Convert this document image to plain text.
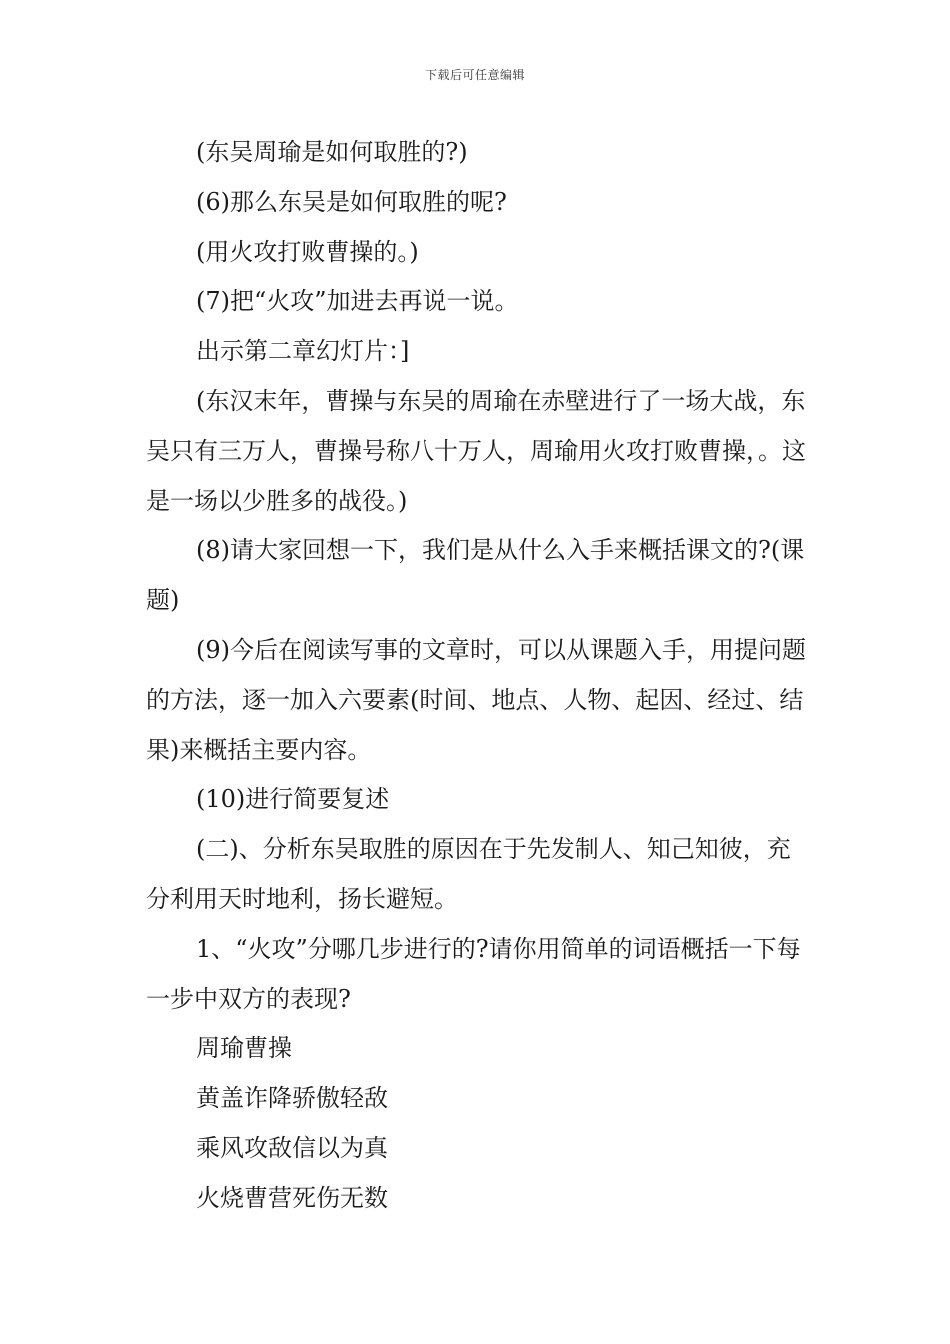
下载后可任意编辑

(东吴周瑜是如何取胜的?)

(6)那么东吴是如何取胜的呢?

(用火攻打败曹操的。)

(7)把“火攻”加进去再说一说。

出示第二章幻灯片：]

(东汉末年，曹操与东吴的周瑜在赤壁进行了一场大战，东吴只有三万人，曹操号称八十万人，周瑜用火攻打败曹操，。这是一场以少胜多的战役。)

(8)请大家回想一下，我们是从什么入手来概括课文的?(课题)

(9)今后在阅读写事的文章时，可以从课题入手，用提问题的方法，逐一加入六要素(时间、地点、人物、起因、经过、结果)来概括主要内容。

(10)进行简要复述

(二)、分析东吴取胜的原因在于先发制人、知己知彼，充分利用天时地利，扬长避短。

1、“火攻”分哪几步进行的?请你用简单的词语概括一下每一步中双方的表现?

周瑜曹操

黄盖诈降骄傲轻敌

乘风攻敌信以为真

火烧曹营死伤无数
